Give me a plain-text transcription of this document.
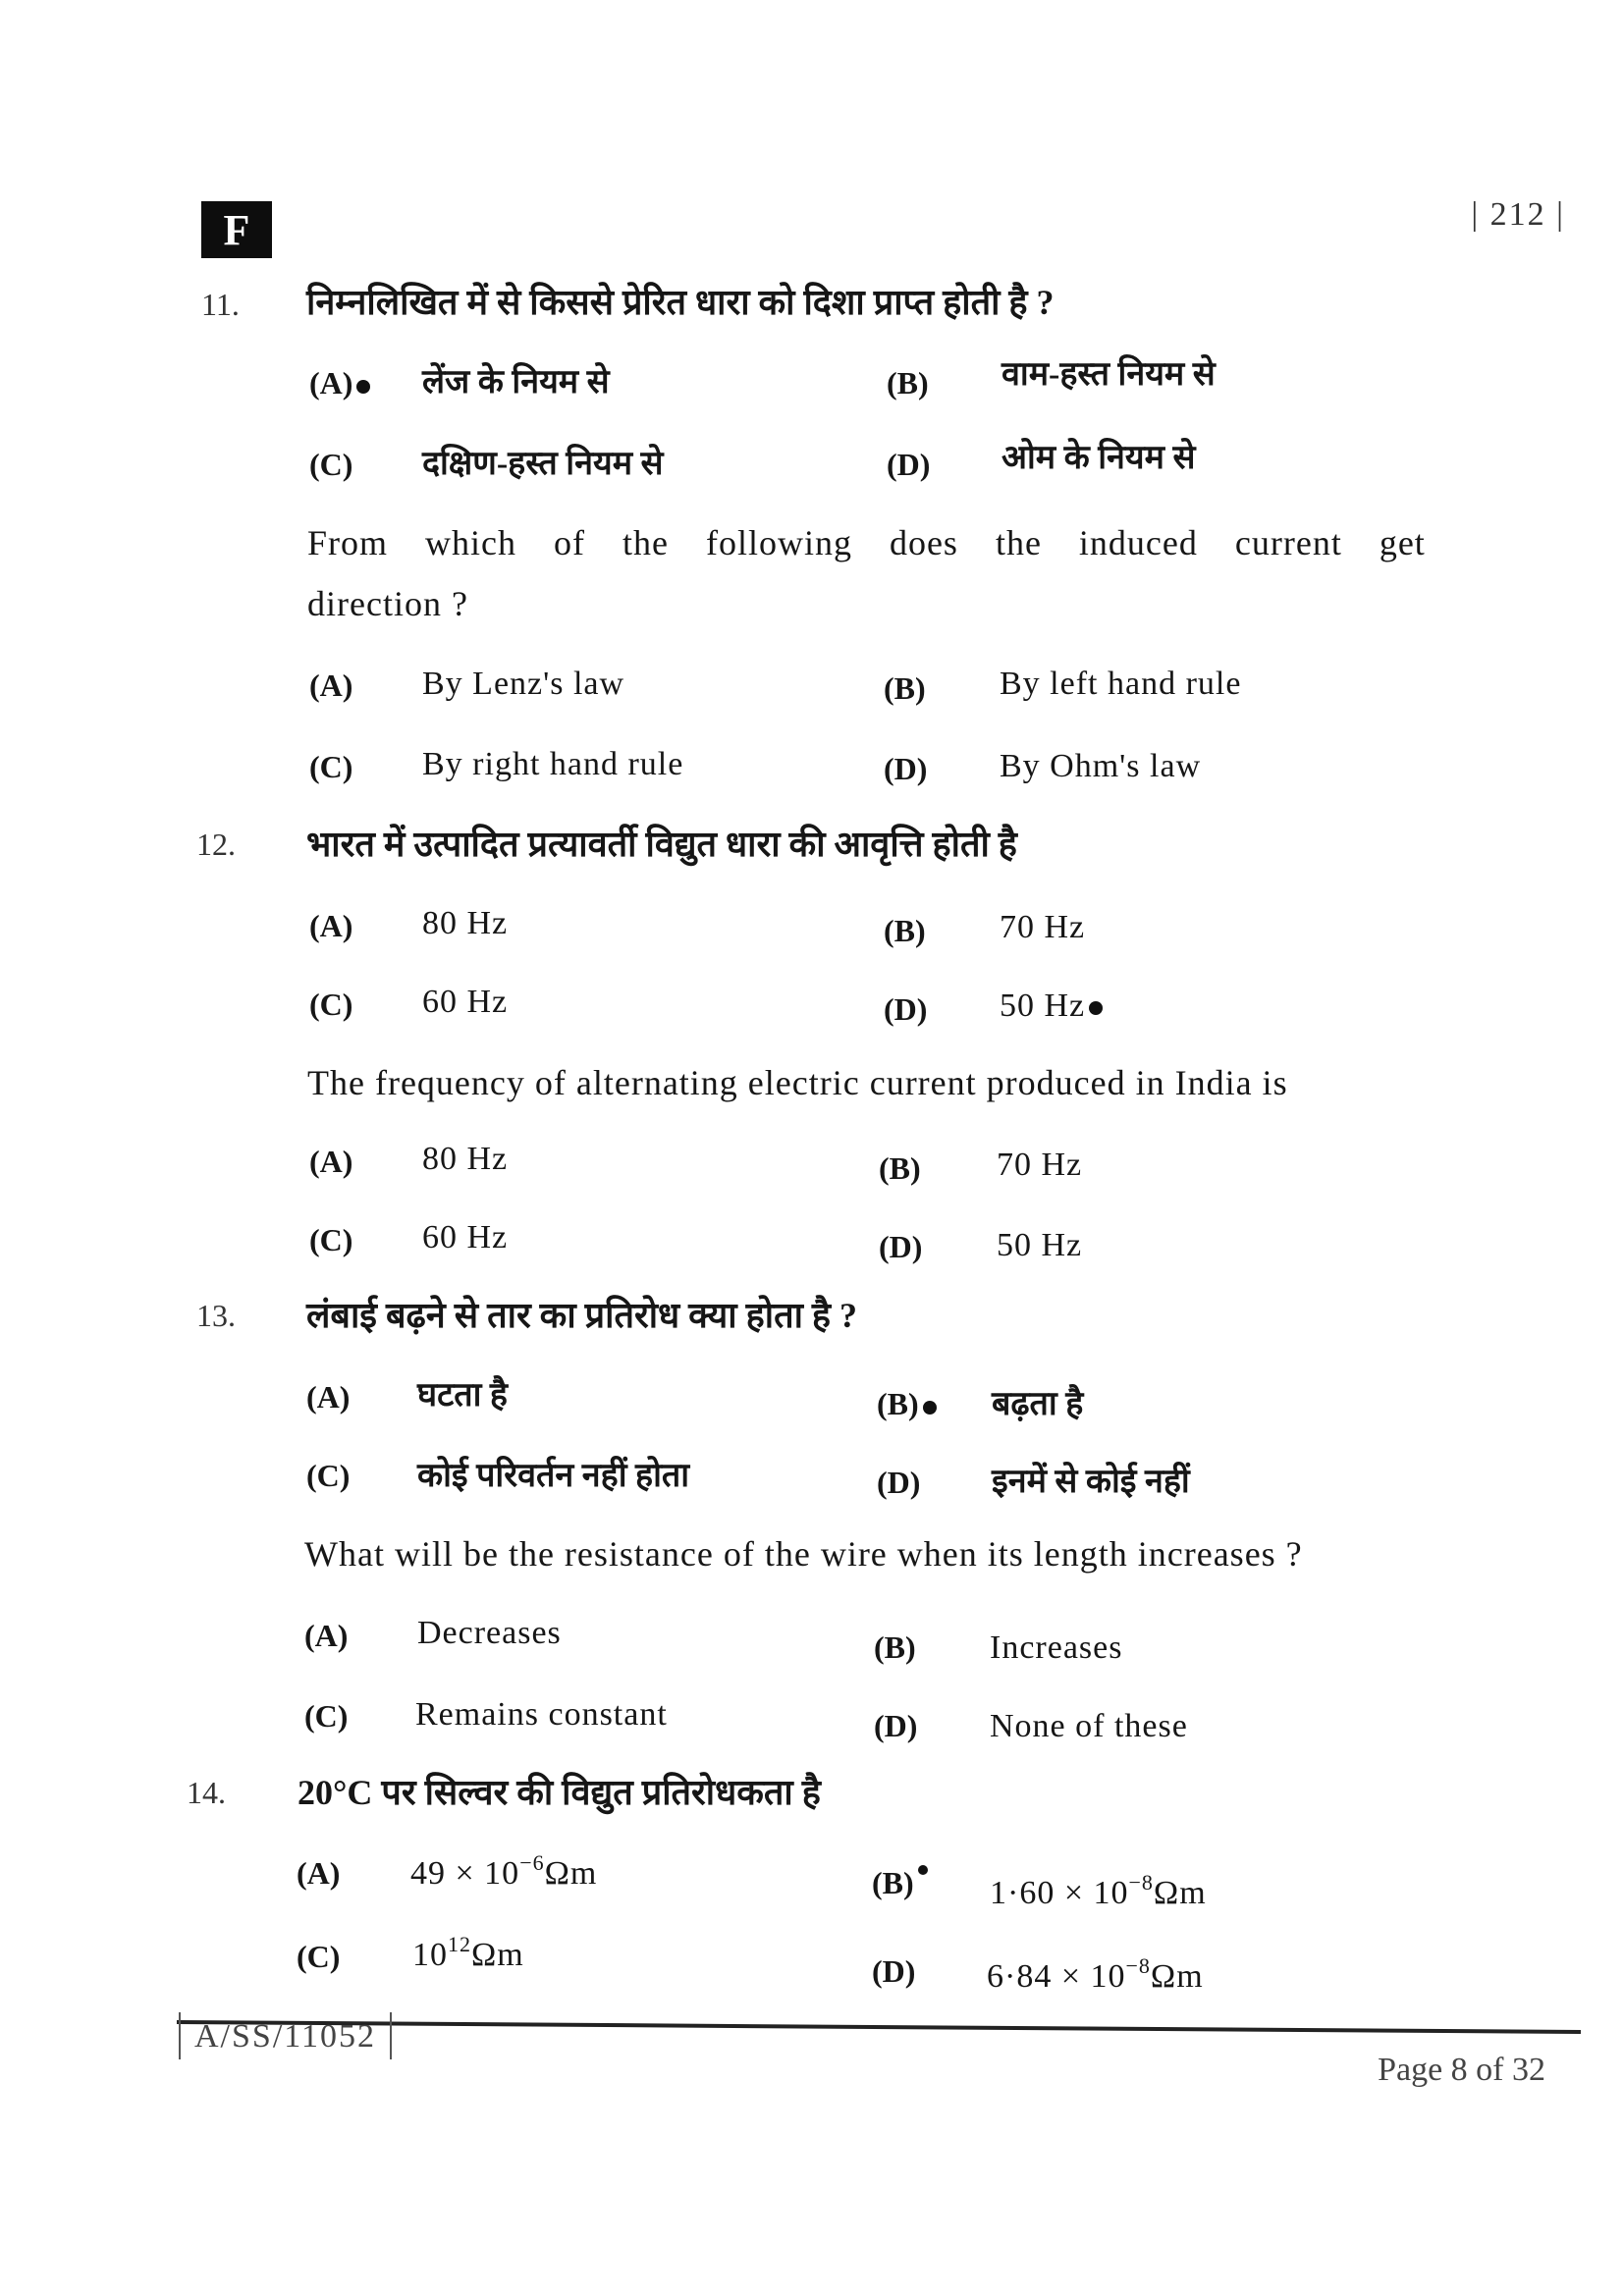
F	| 212 |
11. निम्नलिखित में से किससे प्रेरित धारा को दिशा प्राप्त होती है ?
(A)	लेंज के नियम से	(B) वाम-हस्त नियम से
(C) दक्षिण-हस्त नियम से	(D) ओम के नियम से
From which of the following does the induced current get
direction ?
(A) By Lenz's law	(B) By left hand rule
(C) By right hand rule	(D) By Ohm's law
12. भारत में उत्पादित प्रत्यावर्ती विद्युत धारा की आवृत्ति होती है
(A) 80 Hz	(B) 70 Hz
(C) 60 Hz	(D) 50 Hz
The frequency of alternating electric current produced in India is
(A) 80 Hz	(B) 70 Hz
(C) 60 Hz	(D) 50 Hz
13. लंबाई बढ़ने से तार का प्रतिरोध क्या होता है ?
(A) घटता है	(B)	बढ़ता है
(C) कोई परिवर्तन नहीं होता	(D) इनमें से कोई नहीं
What will be the resistance of the wire when its length increases ?
(A) Decreases	(B) Increases
(C) Remains constant	(D) None of these
14. 20°C पर सिल्वर की विद्युत प्रतिरोधकता है
(A) $49 \times 10^{-6}\Omega m$	(B)	$1\cdot 60 \times 10^{-8}\Omega m$
(C) $10^{12}\Omega m$	(D) $6\cdot 84 \times 10^{-8}\Omega m$
A/SS/11052
Page 8 of 32
